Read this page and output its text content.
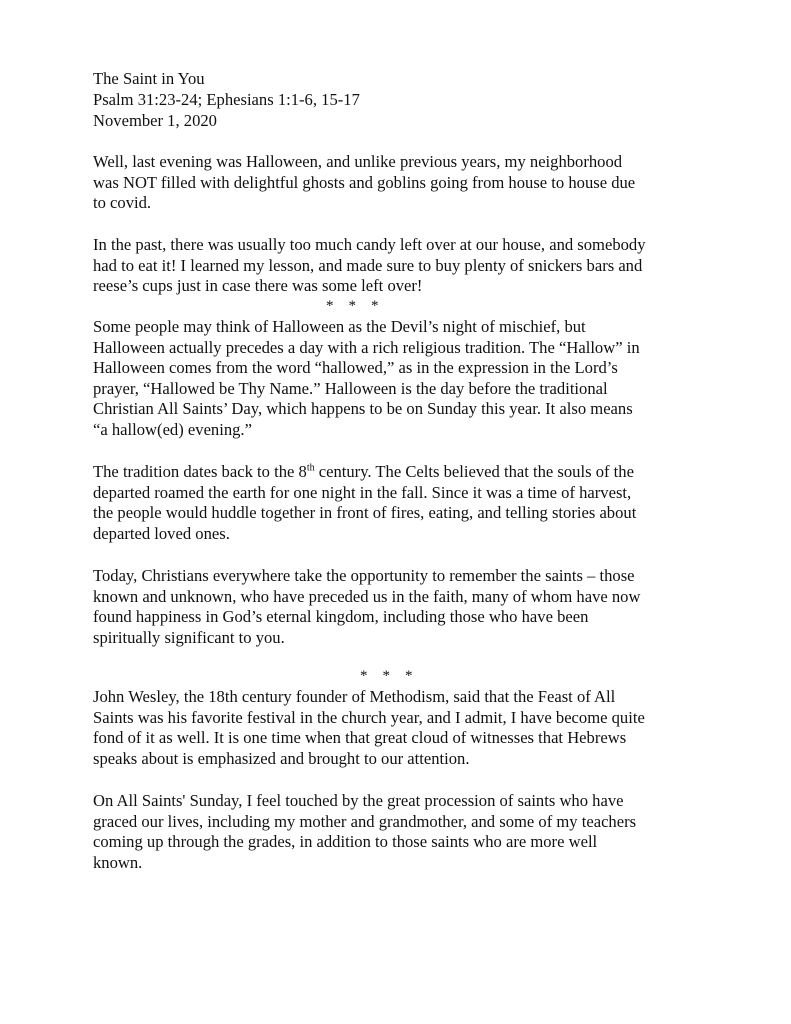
The Saint in You

Psalm 31:23-24; Ephesians 1:1-6, 15-17

November 1, 2020

Well, last evening was Halloween, and unlike previous years, my neighborhood
was NOT filled with delightful ghosts and goblins going from house to house due
to covid.
In the past, there was usually too much candy left over at our house, and somebody
had to eat it! I learned my lesson, and made sure to buy plenty of snickers bars and
reese’s cups just in case there was some left over!

*    *    *

Some people may think of Halloween as the Devil’s night of mischief, but
Halloween actually precedes a day with a rich religious tradition. The “Hallow” in
Halloween comes from the word “hallowed,” as in the expression in the Lord’s
prayer, “Hallowed be Thy Name.” Halloween is the day before the traditional
Christian All Saints’ Day, which happens to be on Sunday this year. It also means
“a hallow(ed) evening.”
The tradition dates back to the 8th century. The Celts believed that the souls of the
departed roamed the earth for one night in the fall. Since it was a time of harvest,
the people would huddle together in front of fires, eating, and telling stories about
departed loved ones.
Today, Christians everywhere take the opportunity to remember the saints – those
known and unknown, who have preceded us in the faith, many of whom have now
found happiness in God’s eternal kingdom, including those who have been
spiritually significant to you.

*    *    *

John Wesley, the 18th century founder of Methodism, said that the Feast of All
Saints was his favorite festival in the church year, and I admit, I have become quite
fond of it as well. It is one time when that great cloud of witnesses that Hebrews
speaks about is emphasized and brought to our attention.
On All Saints' Sunday, I feel touched by the great procession of saints who have
graced our lives, including my mother and grandmother, and some of my teachers
coming up through the grades, in addition to those saints who are more well
known.
